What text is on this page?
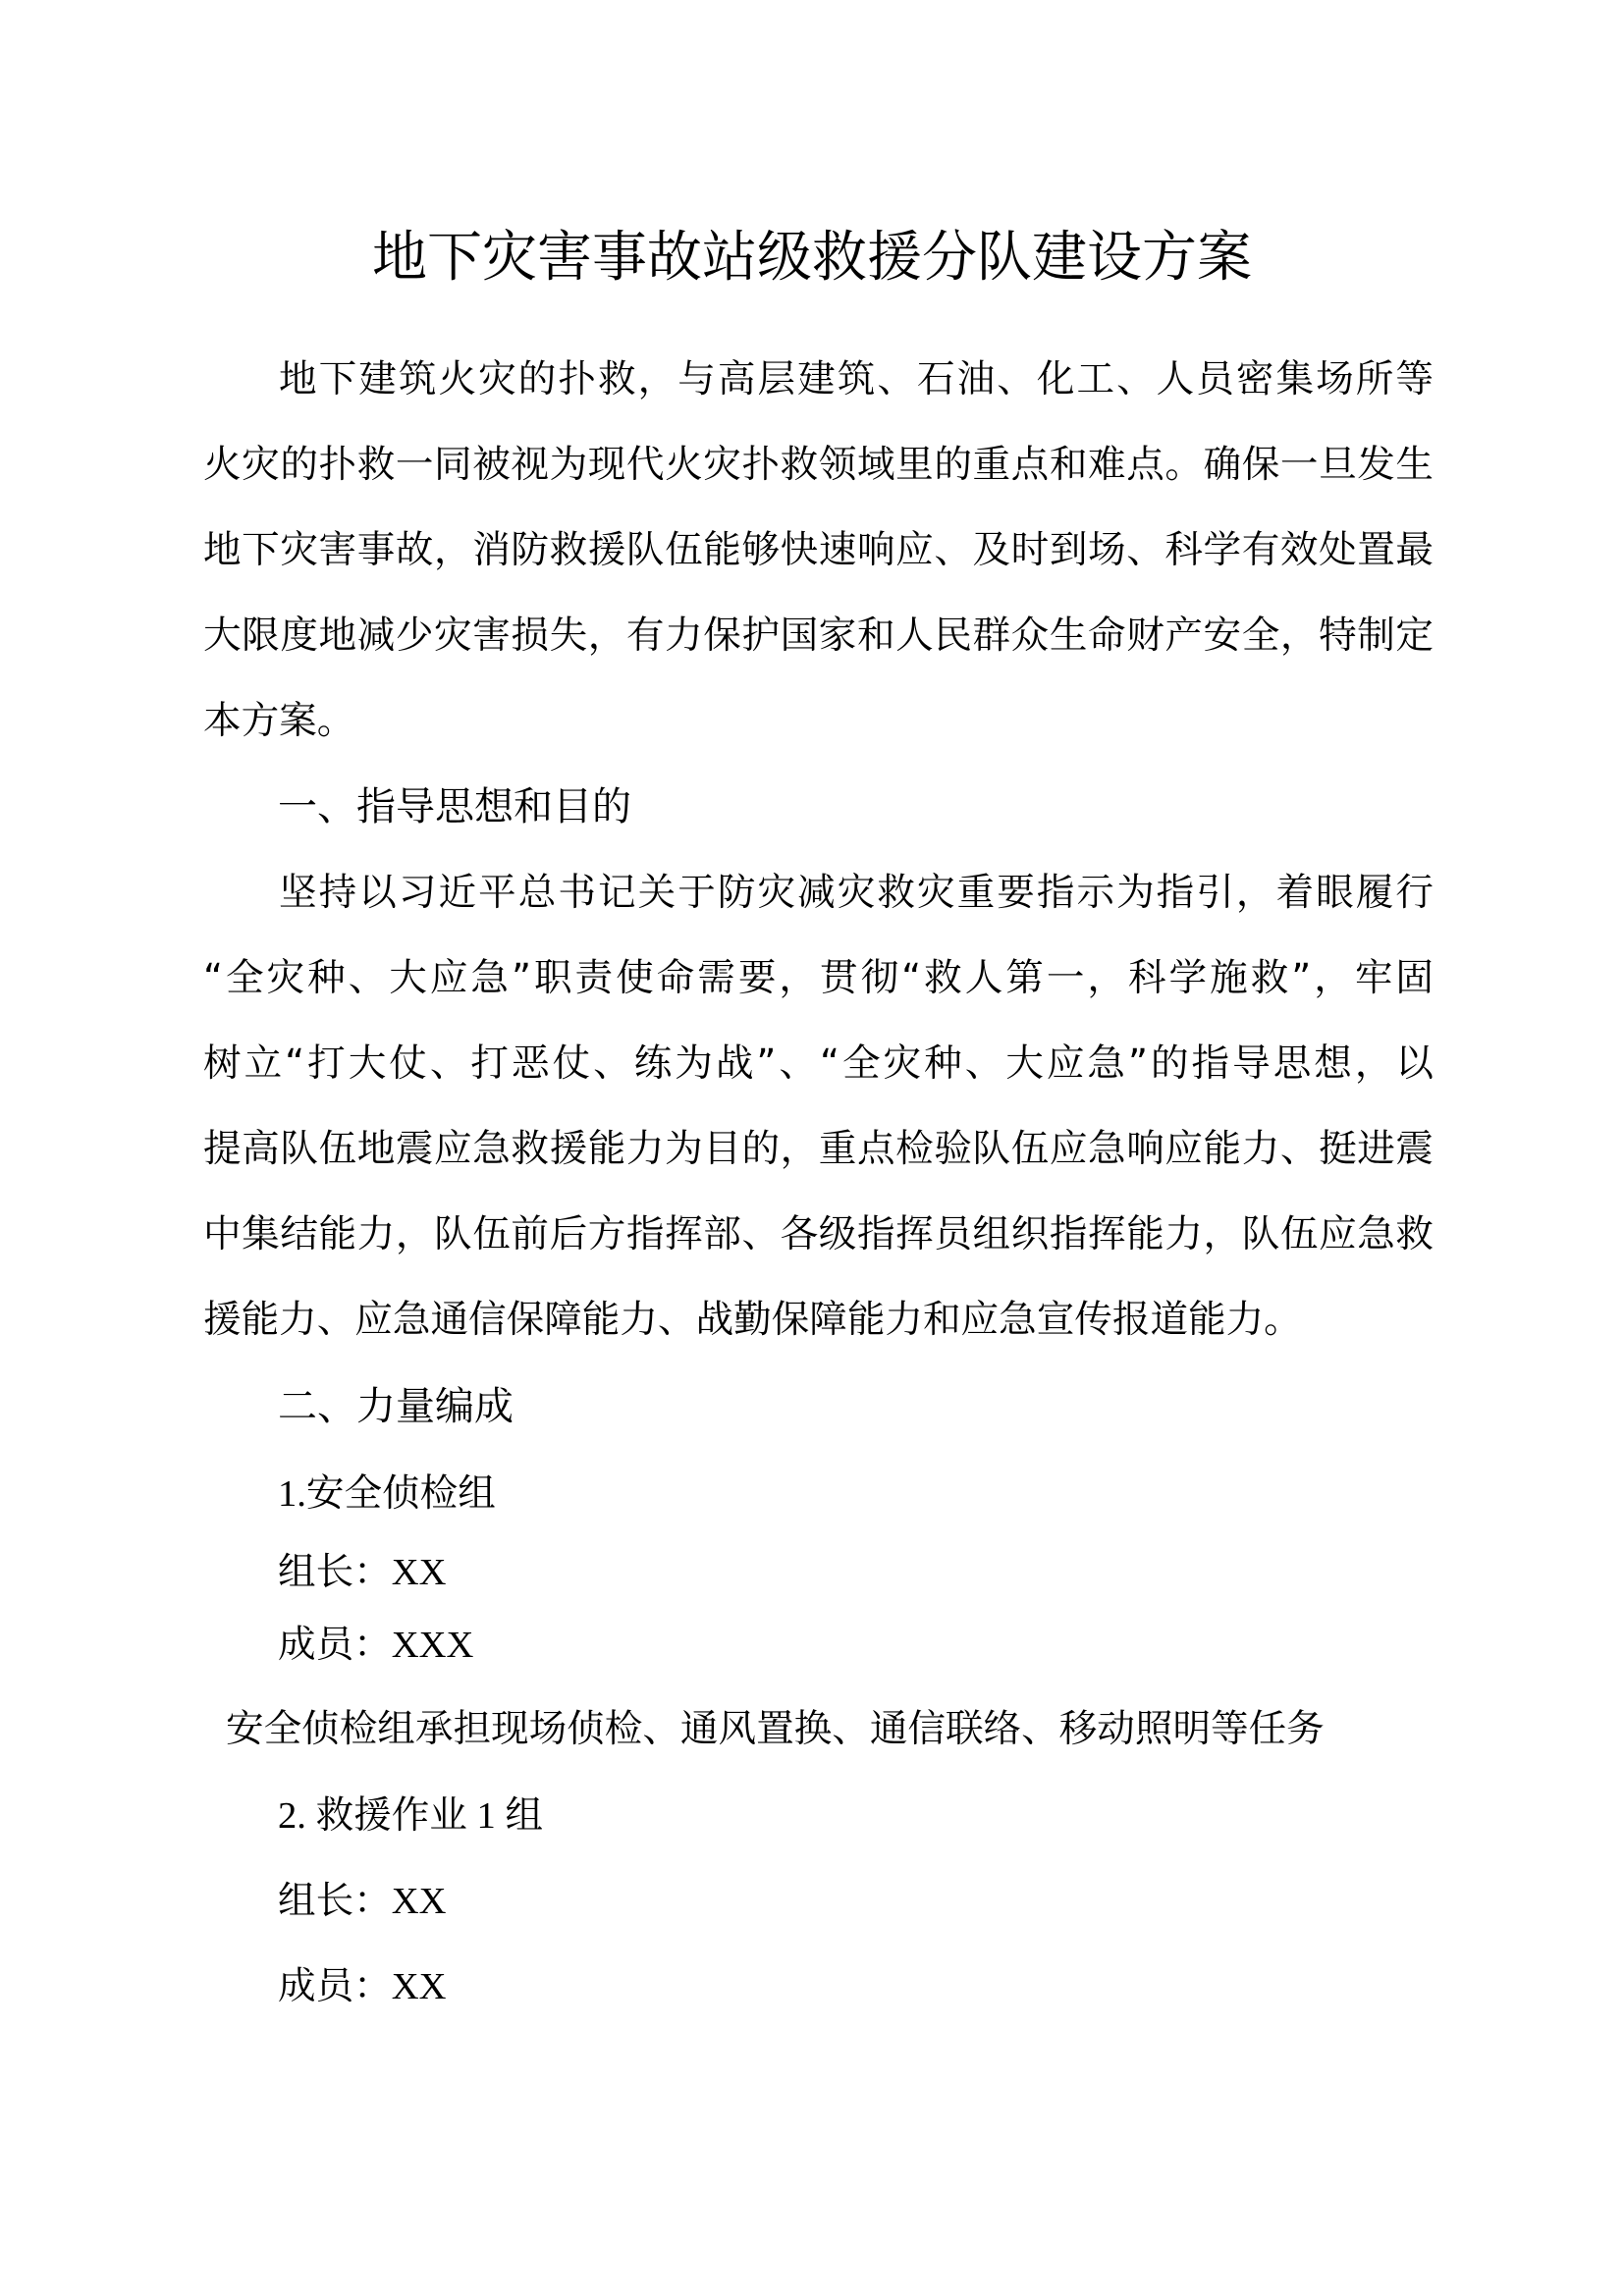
地下灾害事故站级救援分队建设方案
地下建筑火灾的扑救，与高层建筑、石油、化工、人员密集场所等
火灾的扑救一同被视为现代火灾扑救领域里的重点和难点。确保一旦发生
地下灾害事故，消防救援队伍能够快速响应、及时到场、科学有效处置最
大限度地减少灾害损失，有力保护国家和人民群众生命财产安全，特制定
本方案。
一、指导思想和目的
坚持以习近平总书记关于防灾减灾救灾重要指示为指引，着眼履行
“全灾种、大应急”职责使命需要，贯彻“救人第一，科学施救”，牢固
树立“打大仗、打恶仗、练为战”、“全灾种、大应急”的指导思想，以
提高队伍地震应急救援能力为目的，重点检验队伍应急响应能力、挺进震
中集结能力，队伍前后方指挥部、各级指挥员组织指挥能力，队伍应急救
援能力、应急通信保障能力、战勤保障能力和应急宣传报道能力。
二、力量编成
1.安全侦检组
组长：XX
成员：XXX
安全侦检组承担现场侦检、通风置换、通信联络、移动照明等任务
2. 救援作业 1 组
组长：XX
成员：XX
